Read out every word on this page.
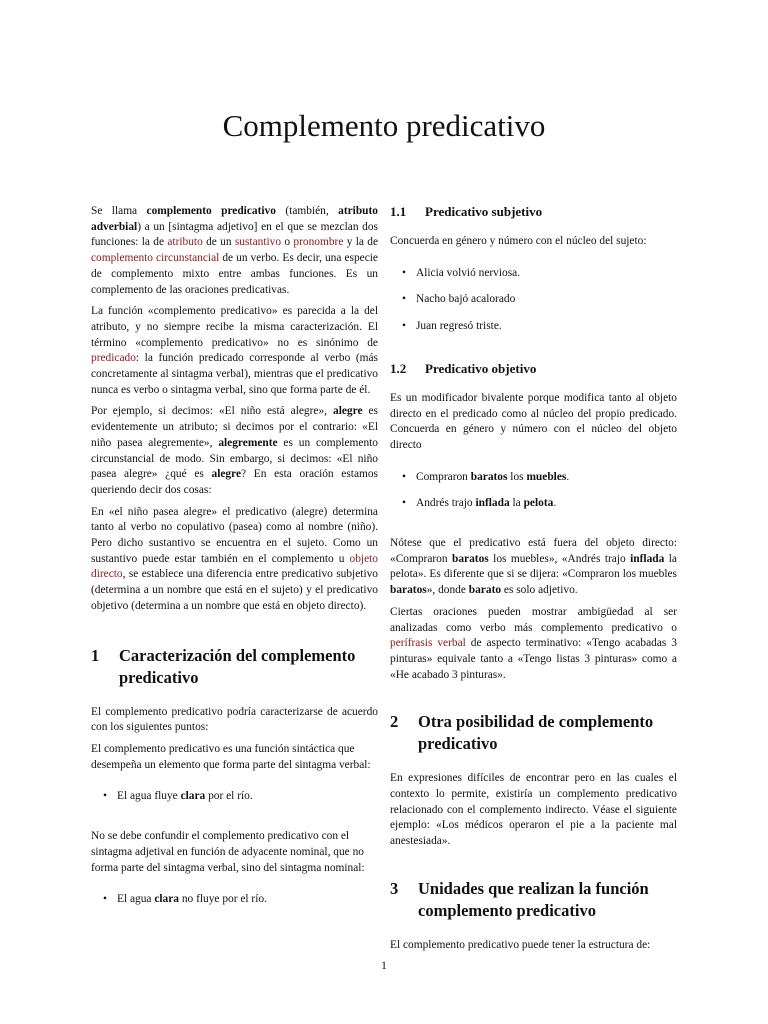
Complemento predicativo

Se llama complemento predicativo (también, atributo adverbial) a un [sintagma adjetivo] en el que se mezclan dos funciones: la de atributo de un sustantivo o pronombre y la de complemento circunstancial de un verbo. Es decir, una especie de complemento mixto entre ambas funciones. Es un complemento de las oraciones predicativas.

La función «complemento predicativo» es parecida a la del atributo, y no siempre recibe la misma caracterización. El término «complemento predicativo» no es sinónimo de predicado: la función predicado corresponde al verbo (más concretamente al sintagma verbal), mientras que el predicativo nunca es verbo o sintagma verbal, sino que forma parte de él.

Por ejemplo, si decimos: «El niño está alegre», alegre es evidentemente un atributo; si decimos por el contrario: «El niño pasea alegremente», alegremente es un complemento circunstancial de modo. Sin embargo, si decimos: «El niño pasea alegre» ¿qué es alegre? En esta oración estamos queriendo decir dos cosas:

En «el niño pasea alegre» el predicativo (alegre) determina tanto al verbo no copulativo (pasea) como al nombre (niño). Pero dicho sustantivo se encuentra en el sujeto. Como un sustantivo puede estar también en el complemento u objeto directo, se establece una diferencia entre predicativo subjetivo (determina a un nombre que está en el sujeto) y el predicativo objetivo (determina a un nombre que está en objeto directo).

1	Caracterización del complemento predicativo

El complemento predicativo podría caracterizarse de acuerdo con los siguientes puntos:

El complemento predicativo es una función sintáctica que desempeña un elemento que forma parte del sintagma verbal:

• El agua fluye clara por el río.

No se debe confundir el complemento predicativo con el sintagma adjetival en función de adyacente nominal, que no forma parte del sintagma verbal, sino del sintagma nominal:

• El agua clara no fluye por el río.
1.1	Predicativo subjetivo

Concuerda en género y número con el núcleo del sujeto:

• Alicia volvió nerviosa.
• Nacho bajó acalorado
• Juan regresó triste.
1.2	Predicativo objetivo

Es un modificador bivalente porque modifica tanto al objeto directo en el predicado como al núcleo del propio predicado. Concuerda en género y número con el núcleo del objeto directo

• Compraron baratos los muebles.
• Andrés trajo inflada la pelota.

Nótese que el predicativo está fuera del objeto directo: «Compraron baratos los muebles», «Andrés trajo inflada la pelota». Es diferente que si se dijera: «Compraron los muebles baratos», donde barato es solo adjetivo.

Ciertas oraciones pueden mostrar ambigüedad al ser analizadas como verbo más complemento predicativo o perífrasis verbal de aspecto terminativo: «Tengo acabadas 3 pinturas» equivale tanto a «Tengo listas 3 pinturas» como a «He acabado 3 pinturas».

2	Otra posibilidad de complemento predicativo

En expresiones difíciles de encontrar pero en las cuales el contexto lo permite, existiría un complemento predicativo relacionado con el complemento indirecto. Véase el siguiente ejemplo: «Los médicos operaron el pie a la paciente mal anestesiada».

3	Unidades que realizan la función complemento predicativo

El complemento predicativo puede tener la estructura de:

1
